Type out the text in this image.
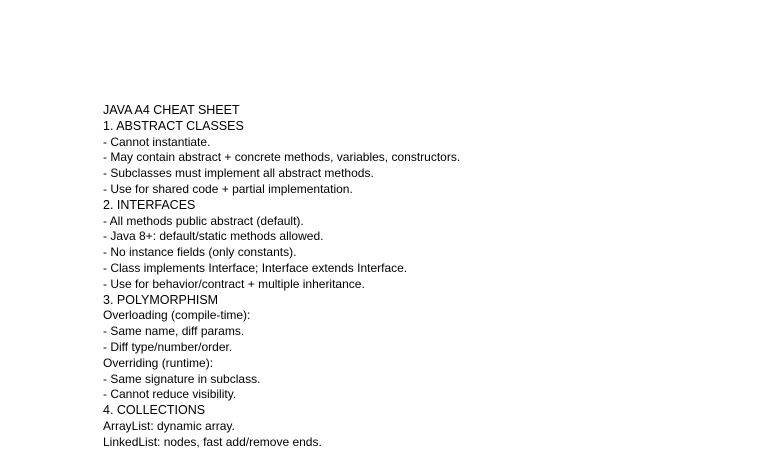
JAVA A4 CHEAT SHEET
1. ABSTRACT CLASSES
- Cannot instantiate.
- May contain abstract + concrete methods, variables, constructors.
- Subclasses must implement all abstract methods.
- Use for shared code + partial implementation.
2. INTERFACES
- All methods public abstract (default).
- Java 8+: default/static methods allowed.
- No instance fields (only constants).
- Class implements Interface; Interface extends Interface.
- Use for behavior/contract + multiple inheritance.
3. POLYMORPHISM
Overloading (compile-time):
- Same name, diff params.
- Diff type/number/order.
Overriding (runtime):
- Same signature in subclass.
- Cannot reduce visibility.
4. COLLECTIONS
ArrayList: dynamic array.
LinkedList: nodes, fast add/remove ends.
